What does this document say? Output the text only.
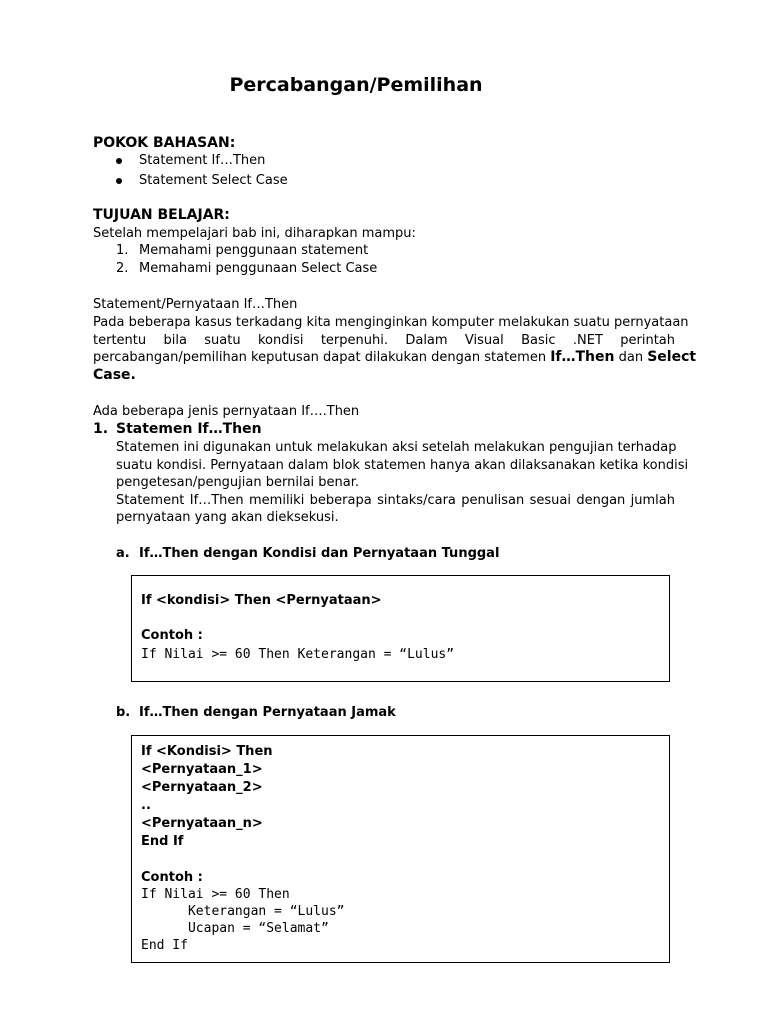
Percabangan/Pemilihan
POKOK BAHASAN:
Statement If…Then
Statement Select Case
TUJUAN BELAJAR:
Setelah mempelajari bab ini, diharapkan mampu:
1. Memahami penggunaan statement
2. Memahami penggunaan Select Case
Statement/Pernyataan If…Then
Pada beberapa kasus terkadang kita menginginkan komputer melakukan suatu pernyataan
tertentu bila suatu kondisi terpenuhi. Dalam Visual Basic .NET perintah
percabangan/pemilihan keputusan dapat dilakukan dengan statemen If…Then dan Select
Case.
Ada beberapa jenis pernyataan If….Then
1. Statemen If…Then
Statemen ini digunakan untuk melakukan aksi setelah melakukan pengujian terhadap
suatu kondisi. Pernyataan dalam blok statemen hanya akan dilaksanakan ketika kondisi
pengetesan/pengujian bernilai benar.
Statement If…Then memiliki beberapa sintaks/cara penulisan sesuai dengan jumlah
pernyataan yang akan dieksekusi.
a. If…Then dengan Kondisi dan Pernyataan Tunggal
If <kondisi> Then <Pernyataan>
Contoh :
If Nilai >= 60 Then Keterangan = “Lulus”
b. If…Then dengan Pernyataan Jamak
If <Kondisi> Then
<Pernyataan_1>
<Pernyataan_2>
..
<Pernyataan_n>
End If
Contoh :
If Nilai >= 60 Then
Keterangan = “Lulus”
Ucapan = “Selamat”
End If
